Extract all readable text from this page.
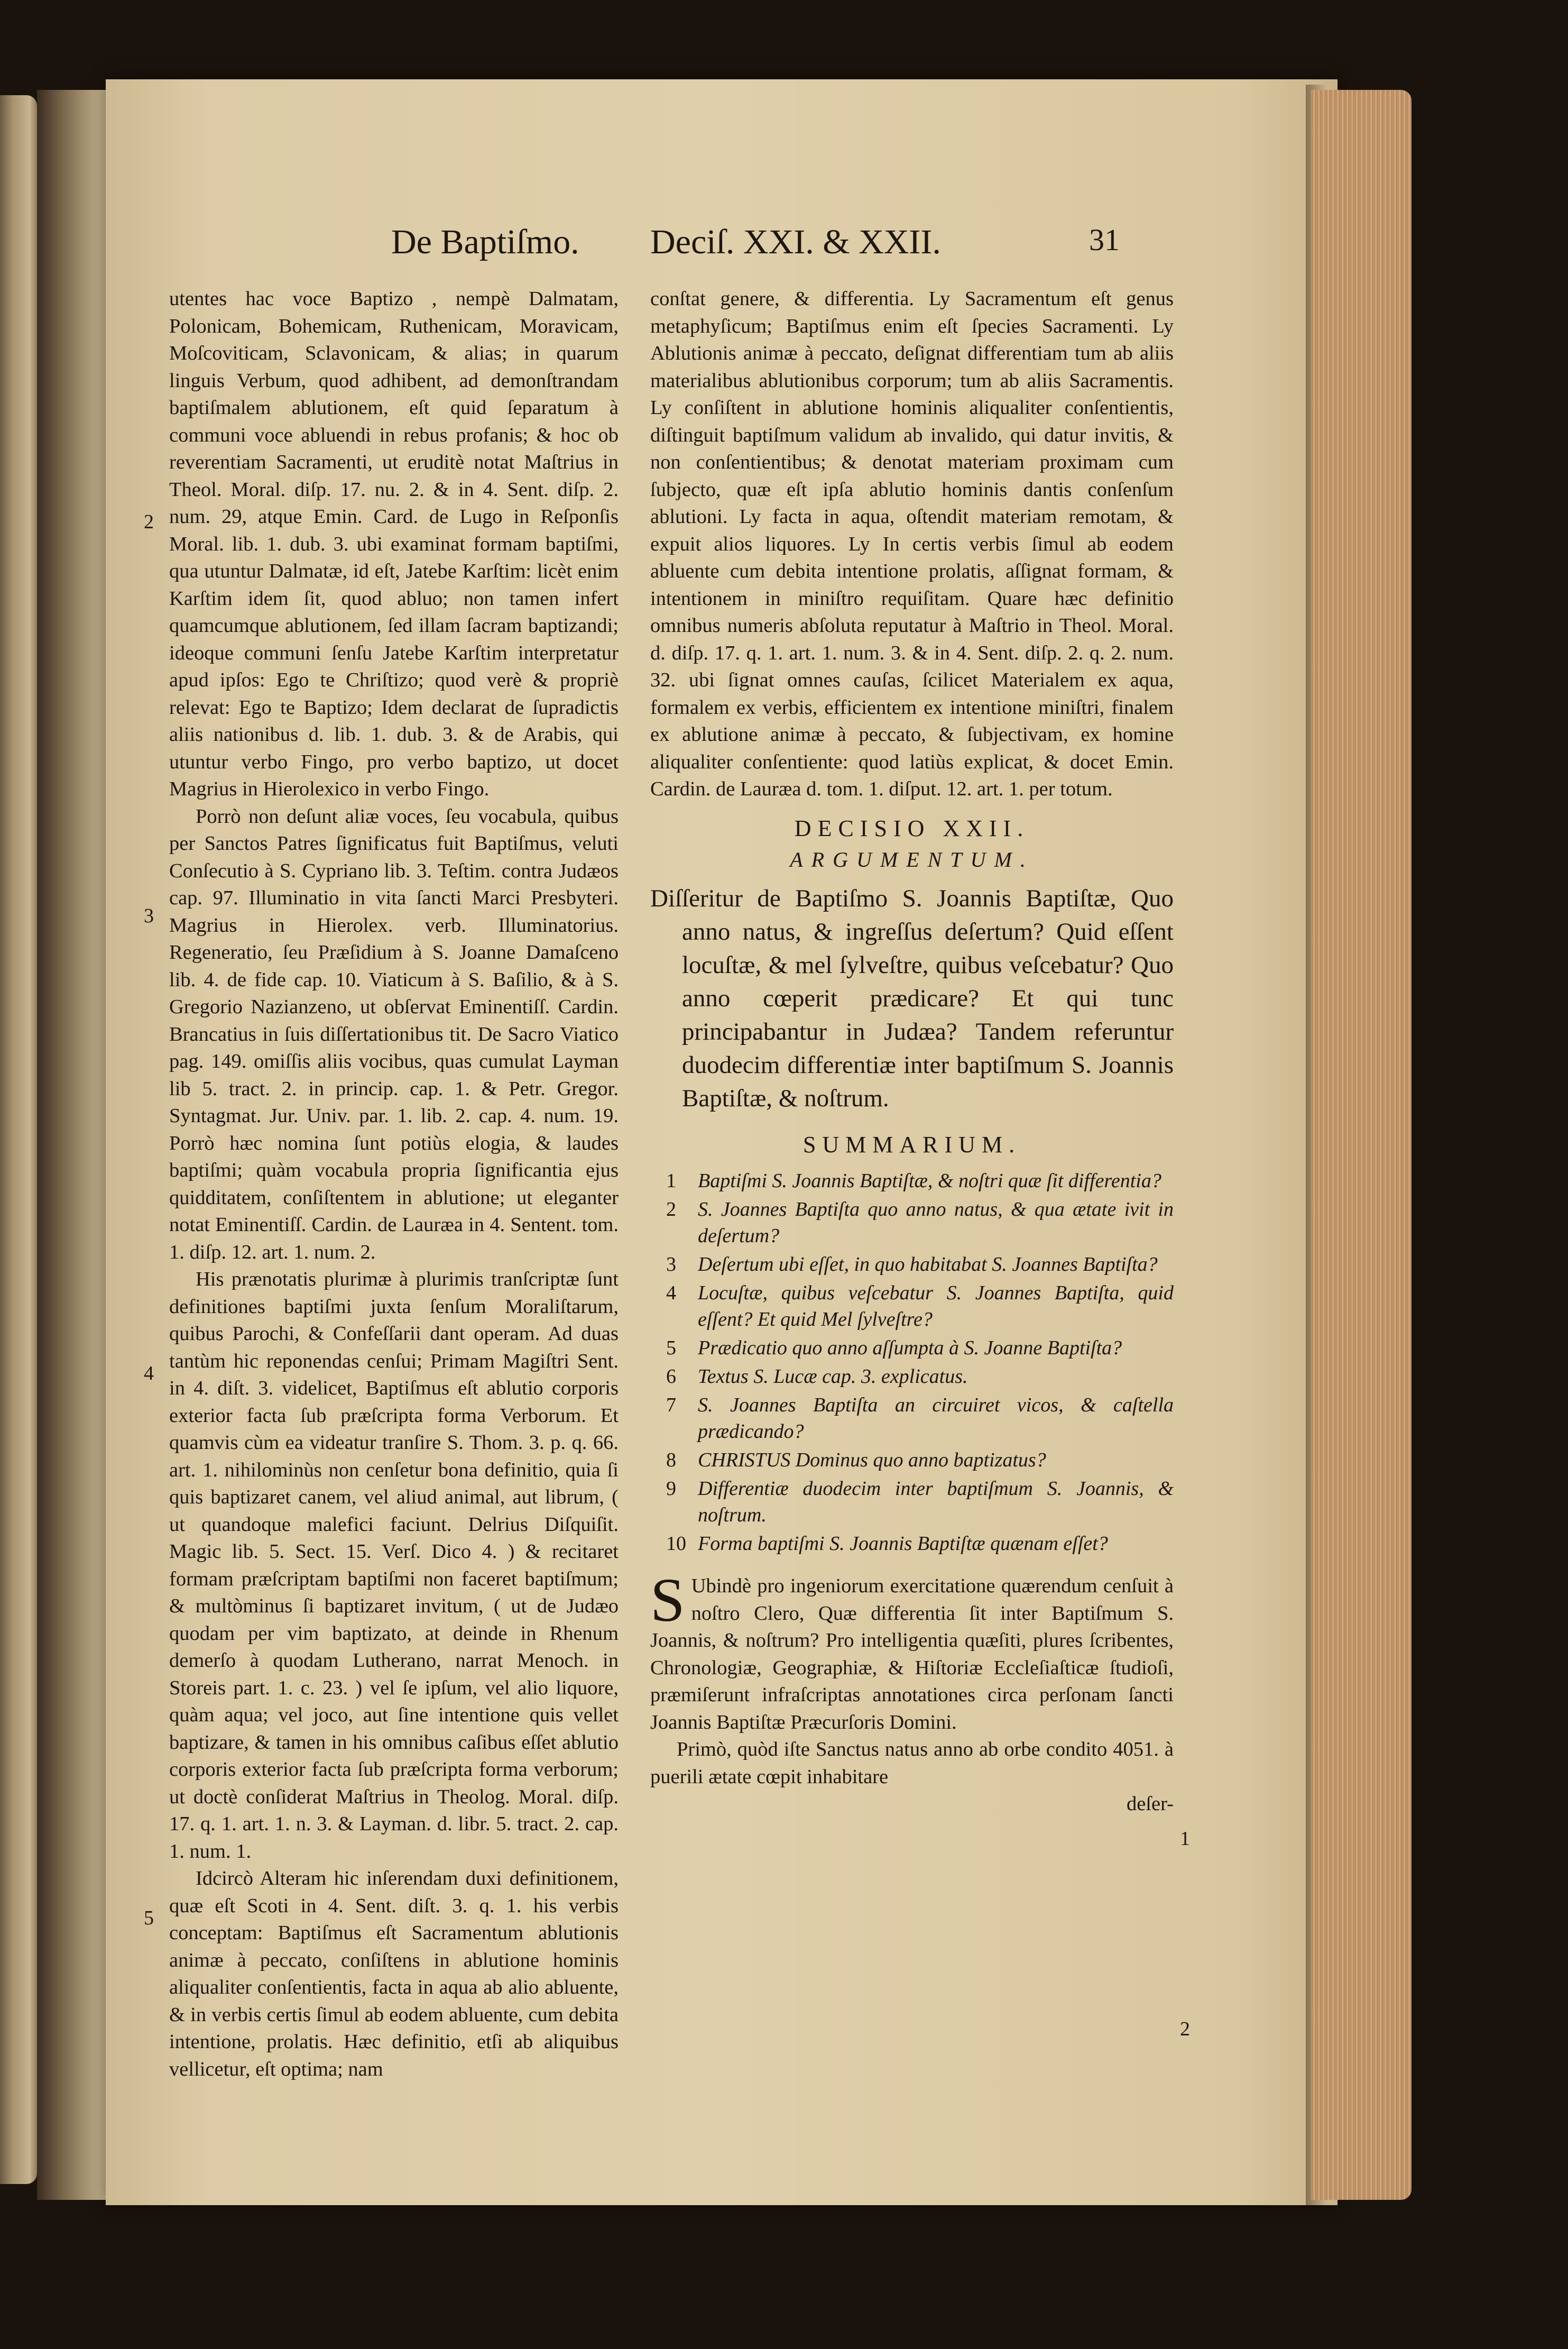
De Baptiſmo. Deciſ. XXI. & XXII.	31

utentes hac voce Baptizo , nempè Dalmatam, Polonicam, Bohemicam, Ruthenicam, Moravicam, Moſcoviticam, Sclavonicam, & alias; in quarum linguis Verbum, quod adhibent, ad demonſtrandam baptiſmalem ablutionem, eſt quid ſeparatum à communi voce abluendi in rebus profanis; & hoc ob reverentiam Sacramenti, ut eruditè notat Maſtrius in Theol. Moral. diſp. 17. nu. 2. & in 4. Sent. diſp. 2. num. 29, atque Emin. Card. de Lugo in Reſponſis Moral. lib. 1. dub. 3. ubi examinat formam baptiſmi, qua utuntur Dalmatæ, id eſt, Jatebe Karſtim: licèt enim Karſtim idem ſit, quod abluo; non tamen infert quamcumque ablutionem, ſed illam ſacram baptizandi; ideoque communi ſenſu Jatebe Karſtim interpretatur apud ipſos: Ego te Chriſtizo; quod verè & propriè relevat: Ego te Baptizo; Idem declarat de ſupradictis aliis nationibus d. lib. 1. dub. 3. & de Arabis, qui utuntur verbo Fingo, pro verbo baptizo, ut docet Magrius in Hierolexico in verbo Fingo.

Porrò non deſunt aliæ voces, ſeu vocabula, quibus per Sanctos Patres ſignificatus fuit Baptiſmus, veluti Conſecutio à S. Cypriano lib. 3. Teſtim. contra Judæos cap. 97. Illuminatio in vita ſancti Marci Presbyteri. Magrius in Hierolex. verb. Illuminatorius. Regeneratio, ſeu Præſidium à S. Joanne Damaſceno lib. 4. de fide cap. 10. Viaticum à S. Baſilio, & à S. Gregorio Nazianzeno, ut obſervat Eminentiſſ. Cardin. Brancatius in ſuis diſſertationibus tit. De Sacro Viatico pag. 149. omiſſis aliis vocibus, quas cumulat Layman lib 5. tract. 2. in princip. cap. 1. & Petr. Gregor. Syntagmat. Jur. Univ. par. 1. lib. 2. cap. 4. num. 19. Porrò hæc nomina ſunt potiùs elogia, & laudes baptiſmi; quàm vocabula propria ſignificantia ejus quidditatem, conſiſtentem in ablutione; ut eleganter notat Eminentiſſ. Cardin. de Lauræa in 4. Sentent. tom. 1. diſp. 12. art. 1. num. 2.

His prænotatis plurimæ à plurimis tranſcriptæ ſunt definitiones baptiſmi juxta ſenſum Moraliſtarum, quibus Parochi, & Confeſſarii dant operam. Ad duas tantùm hic reponendas cenſui; Primam Magiſtri Sent. in 4. diſt. 3. videlicet, Baptiſmus eſt ablutio corporis exterior facta ſub præſcripta forma Verborum. Et quamvis cùm ea videatur tranſire S. Thom. 3. p. q. 66. art. 1. nihilominùs non cenſetur bona definitio, quia ſi quis baptizaret canem, vel aliud animal, aut librum, ( ut quandoque malefici faciunt. Delrius Diſquiſit. Magic lib. 5. Sect. 15. Verſ. Dico 4. ) & recitaret formam præſcriptam baptiſmi non faceret baptiſmum; & multòminus ſi baptizaret invitum, ( ut de Judæo quodam per vim baptizato, at deinde in Rhenum demerſo à quodam Lutherano, narrat Menoch. in Storeis part. 1. c. 23. ) vel ſe ipſum, vel alio liquore, quàm aqua; vel joco, aut ſine intentione quis vellet baptizare, & tamen in his omnibus caſibus eſſet ablutio corporis exterior facta ſub præſcripta forma verborum; ut doctè conſiderat Maſtrius in Theolog. Moral. diſp. 17. q. 1. art. 1. n. 3. & Layman. d. libr. 5. tract. 2. cap. 1. num. 1.

Idcircò Alteram hic inſerendam duxi definitionem, quæ eſt Scoti in 4. Sent. diſt. 3. q. 1. his verbis conceptam: Baptiſmus eſt Sacramentum ablutionis animæ à peccato, conſiſtens in ablutione hominis aliqualiter conſentientis, facta in aqua ab alio abluente, & in verbis certis ſimul ab eodem abluente, cum debita intentione, prolatis. Hæc definitio, etſi ab aliquibus vellicetur, eſt optima; nam

2
3
4
5

conſtat genere, & differentia. Ly Sacramentum eſt genus metaphyſicum; Baptiſmus enim eſt ſpecies Sacramenti. Ly Ablutionis animæ à peccato, deſignat differentiam tum ab aliis materialibus ablutionibus corporum; tum ab aliis Sacramentis. Ly conſiſtent in ablutione hominis aliqualiter conſentientis, diſtinguit baptiſmum validum ab invalido, qui datur invitis, & non conſentientibus; & denotat materiam proximam cum ſubjecto, quæ eſt ipſa ablutio hominis dantis conſenſum ablutioni. Ly facta in aqua, oſtendit materiam remotam, & expuit alios liquores. Ly In certis verbis ſimul ab eodem abluente cum debita intentione prolatis, aſſignat formam, & intentionem in miniſtro requiſitam. Quare hæc definitio omnibus numeris abſoluta reputatur à Maſtrio in Theol. Moral. d. diſp. 17. q. 1. art. 1. num. 3. & in 4. Sent. diſp. 2. q. 2. num. 32. ubi ſignat omnes cauſas, ſcilicet Materialem ex aqua, formalem ex verbis, efficientem ex intentione miniſtri, finalem ex ablutione animæ à peccato, & ſubjectivam, ex homine aliqualiter conſentiente: quod latiùs explicat, & docet Emin. Cardin. de Lauræa d. tom. 1. diſput. 12. art. 1. per totum.

DECISIO XXII.
ARGUMENTUM.
Diſſeritur de Baptiſmo S. Joannis Baptiſtæ, Quo anno natus, & ingreſſus deſertum? Quid eſſent locuſtæ, & mel ſylveſtre, quibus veſcebatur? Quo anno cœperit prædicare? Et qui tunc principabantur in Judæa? Tandem referuntur duodecim differentiæ inter baptiſmum S. Joannis Baptiſtæ, & noſtrum.
SUMMARIUM.
1 Baptiſmi S. Joannis Baptiſtæ, & noſtri quæ ſit differentia?
2 S. Joannes Baptiſta quo anno natus, & qua ætate ivit in deſertum?
3 Deſertum ubi eſſet, in quo habitabat S. Joannes Baptiſta?
4 Locuſtæ, quibus veſcebatur S. Joannes Baptiſta, quid eſſent? Et quid Mel ſylveſtre?
5 Prædicatio quo anno aſſumpta à S. Joanne Baptiſta?
6 Textus S. Lucæ cap. 3. explicatus.
7 S. Joannes Baptiſta an circuiret vicos, & caſtella prædicando?
8 CHRISTUS Dominus quo anno baptizatus?
9 Differentiæ duodecim inter baptiſmum S. Joannis, & noſtrum.
10 Forma baptiſmi S. Joannis Baptiſtæ quænam eſſet?

S Ubindè pro ingeniorum exercitatione quærendum cenſuit à noſtro Clero, Quæ differentia ſit inter Baptiſmum S. Joannis, & noſtrum? Pro intelligentia quæſiti, plures ſcribentes, Chronologiæ, Geographiæ, & Hiſtoriæ Eccleſiaſticæ ſtudioſi, præmiſerunt infraſcriptas annotationes circa perſonam ſancti Joannis Baptiſtæ Præcurſoris Domini.

Primò, quòd iſte Sanctus natus anno ab orbe condito 4051. à puerili ætate cœpit inhabitare

deſer-
1
2
